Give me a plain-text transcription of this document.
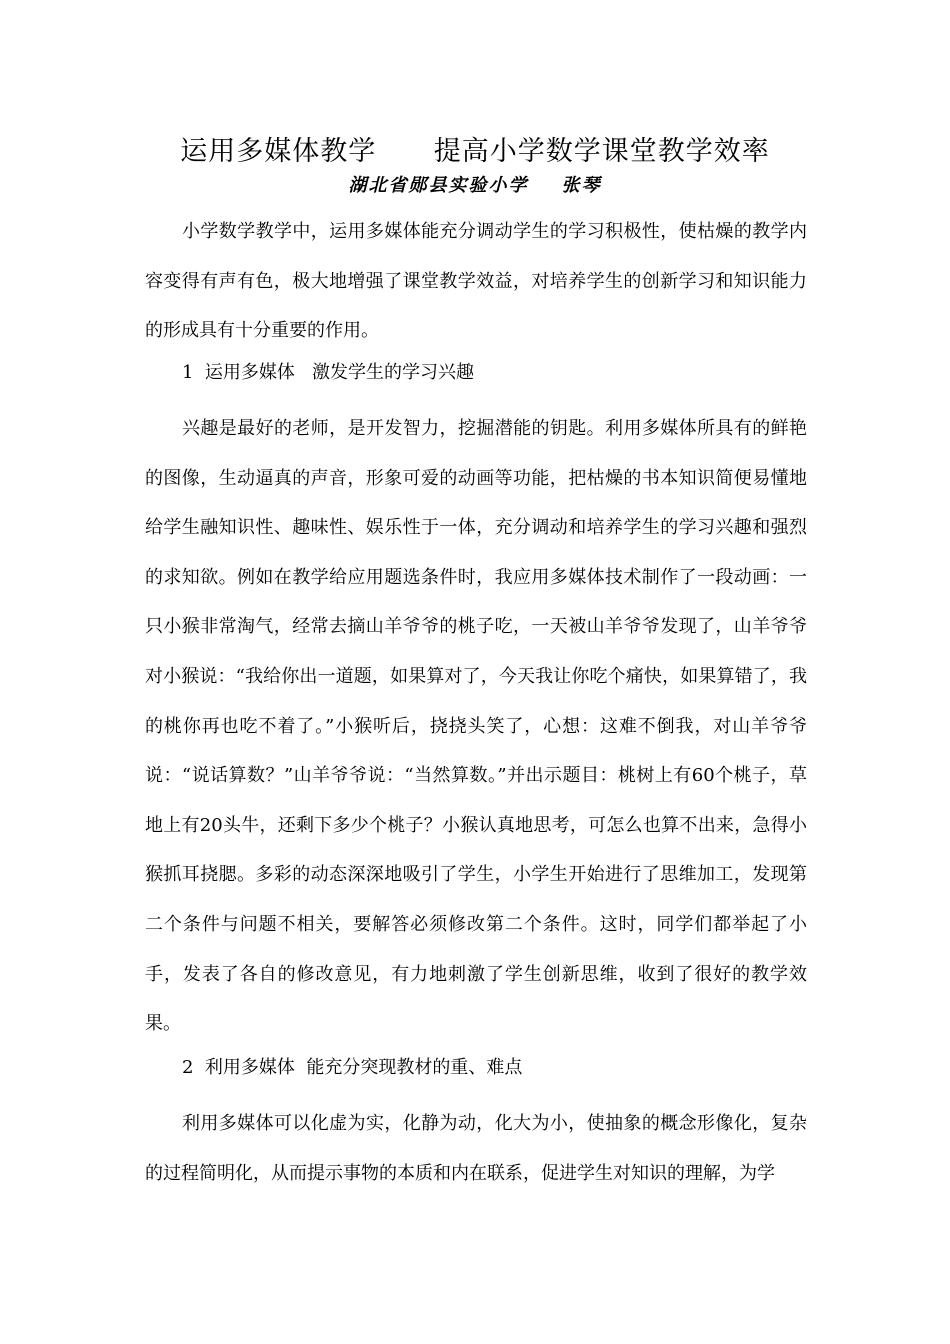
运用多媒体教学      提高小学数学课堂教学效率
湖北省郧县实验小学    张琴

小学数学教学中，运用多媒体能充分调动学生的学习积极性，使枯燥的教学内容变得有声有色，极大地增强了课堂教学效益，对培养学生的创新学习和知识能力的形成具有十分重要的作用。

1  运用多媒体   激发学生的学习兴趣

兴趣是最好的老师，是开发智力，挖掘潜能的钥匙。利用多媒体所具有的鲜艳的图像，生动逼真的声音，形象可爱的动画等功能，把枯燥的书本知识简便易懂地给学生融知识性、趣味性、娱乐性于一体，充分调动和培养学生的学习兴趣和强烈的求知欲。例如在教学给应用题选条件时，我应用多媒体技术制作了一段动画：一只小猴非常淘气，经常去摘山羊爷爷的桃子吃，一天被山羊爷爷发现了，山羊爷爷对小猴说：“我给你出一道题，如果算对了，今天我让你吃个痛快，如果算错了，我的桃你再也吃不着了。”小猴听后，挠挠头笑了，心想：这难不倒我，对山羊爷爷说：“说话算数？”山羊爷爷说：“当然算数。”并出示题目：桃树上有60个桃子，草地上有20头牛，还剩下多少个桃子？小猴认真地思考，可怎么也算不出来，急得小猴抓耳挠腮。多彩的动态深深地吸引了学生，小学生开始进行了思维加工，发现第二个条件与问题不相关，要解答必须修改第二个条件。这时，同学们都举起了小手，发表了各自的修改意见，有力地刺激了学生创新思维，收到了很好的教学效果。

2  利用多媒体  能充分突现教材的重、难点

利用多媒体可以化虚为实，化静为动，化大为小，使抽象的概念形像化，复杂的过程简明化，从而提示事物的本质和内在联系，促进学生对知识的理解，为学
